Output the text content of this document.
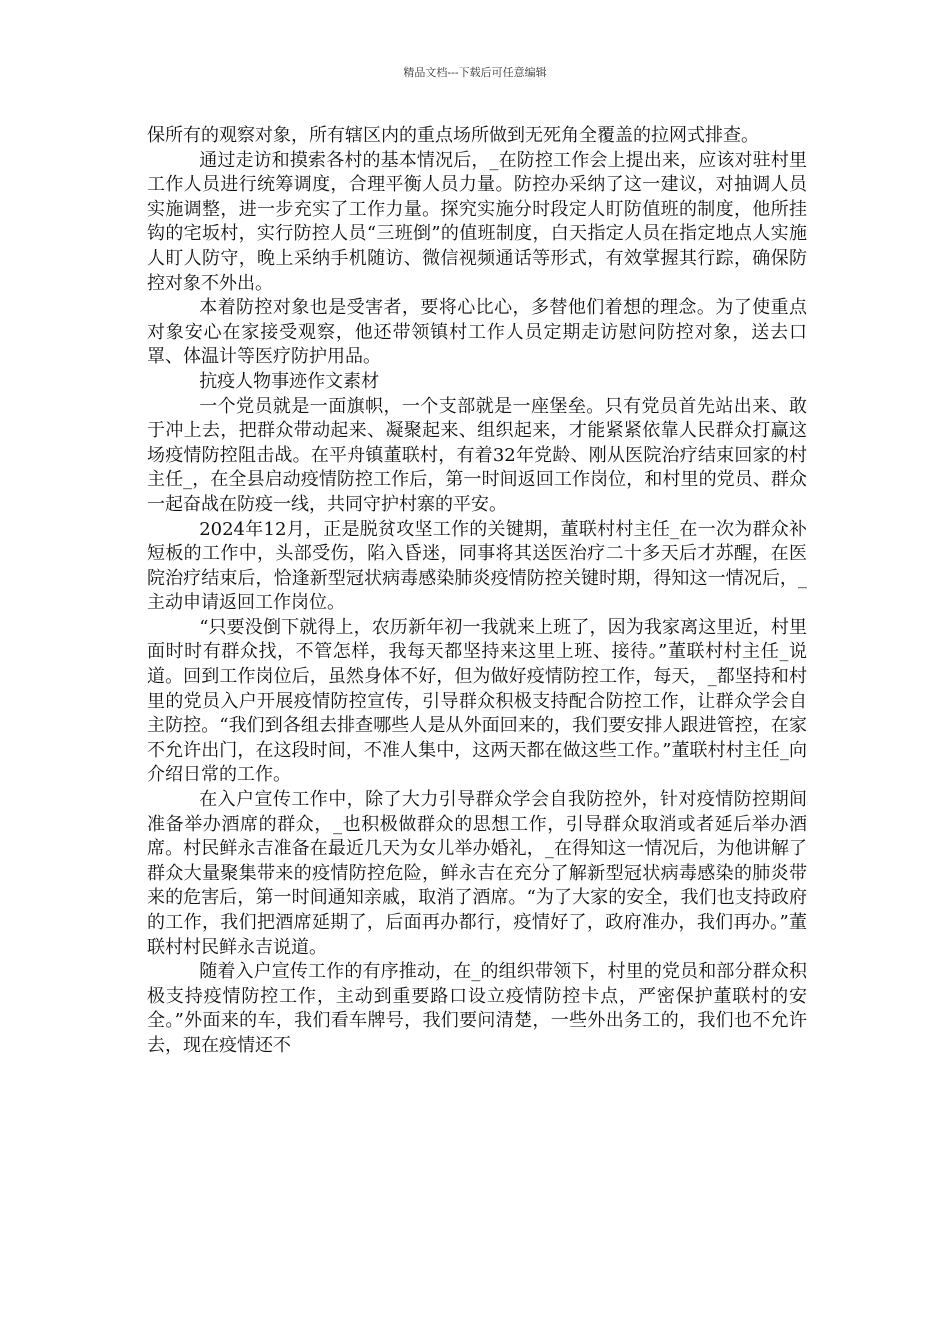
精品文档---下载后可任意编辑

保所有的观察对象，所有辖区内的重点场所做到无死角全覆盖的拉网式排查。

通过走访和摸索各村的基本情况后，_在防控工作会上提出来，应该对驻村里工作人员进行统筹调度，合理平衡人员力量。防控办采纳了这一建议，对抽调人员实施调整，进一步充实了工作力量。探究实施分时段定人盯防值班的制度，他所挂钩的宅坂村，实行防控人员“三班倒”的值班制度，白天指定人员在指定地点人实施人盯人防守，晚上采纳手机随访、微信视频通话等形式，有效掌握其行踪，确保防控对象不外出。

本着防控对象也是受害者，要将心比心，多替他们着想的理念。为了使重点对象安心在家接受观察，他还带领镇村工作人员定期走访慰问防控对象，送去口罩、体温计等医疗防护用品。

抗疫人物事迹作文素材

一个党员就是一面旗帜，一个支部就是一座堡垒。只有党员首先站出来、敢于冲上去，把群众带动起来、凝聚起来、组织起来，才能紧紧依靠人民群众打赢这场疫情防控阻击战。在平舟镇董联村，有着32年党龄、刚从医院治疗结束回家的村主任_，在全县启动疫情防控工作后，第一时间返回工作岗位，和村里的党员、群众一起奋战在防疫一线，共同守护村寨的平安。

2024年12月，正是脱贫攻坚工作的关键期，董联村村主任_在一次为群众补短板的工作中，头部受伤，陷入昏迷，同事将其送医治疗二十多天后才苏醒，在医院治疗结束后，恰逢新型冠状病毒感染肺炎疫情防控关键时期，得知这一情况后，_主动申请返回工作岗位。

“只要没倒下就得上，农历新年初一我就来上班了，因为我家离这里近，村里面时时有群众找，不管怎样，我每天都坚持来这里上班、接待。”董联村村主任_说道。回到工作岗位后，虽然身体不好，但为做好疫情防控工作，每天，_都坚持和村里的党员入户开展疫情防控宣传，引导群众积极支持配合防控工作，让群众学会自主防控。“我们到各组去排查哪些人是从外面回来的，我们要安排人跟进管控，在家不允许出门，在这段时间，不准人集中，这两天都在做这些工作。”董联村村主任_向介绍日常的工作。

在入户宣传工作中，除了大力引导群众学会自我防控外，针对疫情防控期间准备举办酒席的群众，_也积极做群众的思想工作，引导群众取消或者延后举办酒席。村民鲜永吉准备在最近几天为女儿举办婚礼，_在得知这一情况后，为他讲解了群众大量聚集带来的疫情防控危险，鲜永吉在充分了解新型冠状病毒感染的肺炎带来的危害后，第一时间通知亲戚，取消了酒席。“为了大家的安全，我们也支持政府的工作，我们把酒席延期了，后面再办都行，疫情好了，政府准办，我们再办。”董联村村民鲜永吉说道。

随着入户宣传工作的有序推动，在_的组织带领下，村里的党员和部分群众积极支持疫情防控工作，主动到重要路口设立疫情防控卡点，严密保护董联村的安全。”外面来的车，我们看车牌号，我们要问清楚，一些外出务工的，我们也不允许去，现在疫情还不
